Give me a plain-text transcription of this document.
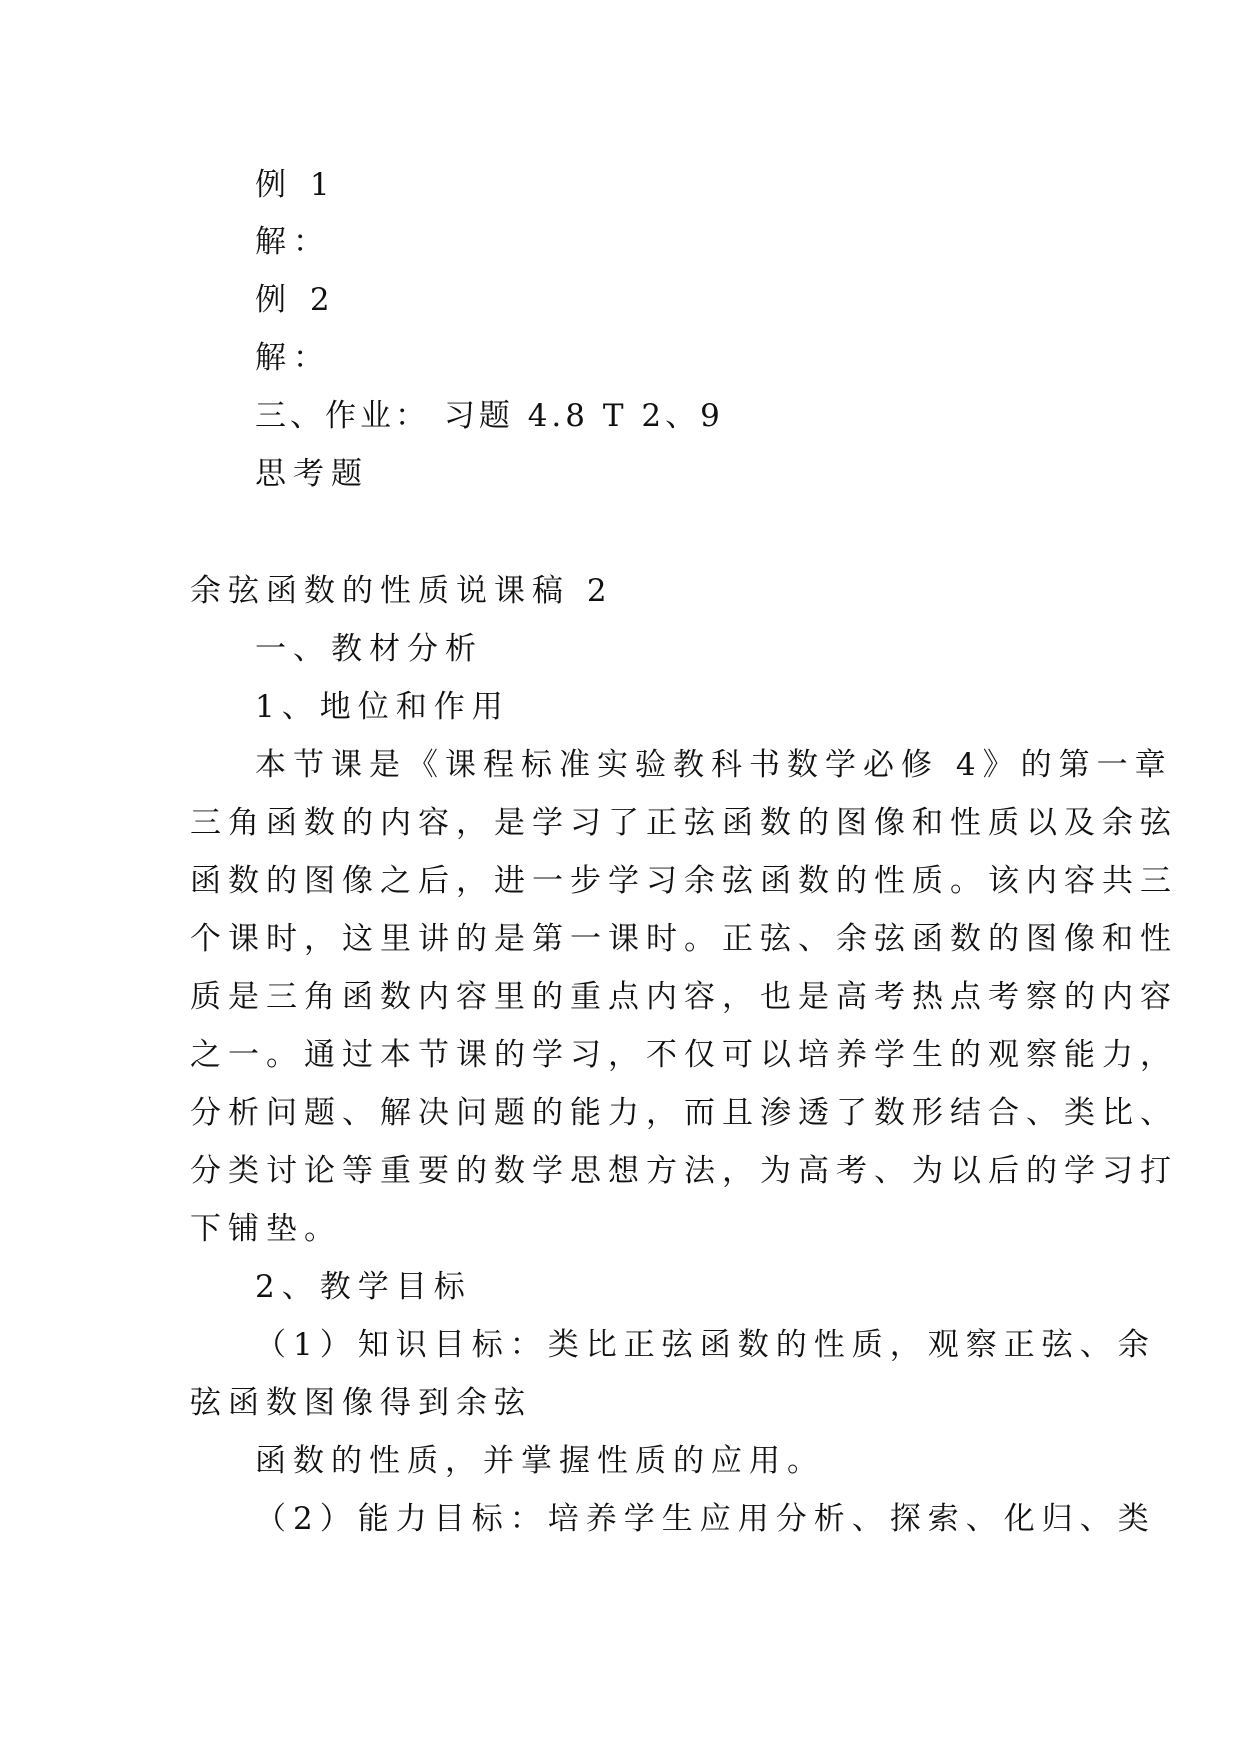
例 1
解：
例 2
解：
三、作业： 习题 4.8 T 2、9
思考题
余弦函数的性质说课稿 2
一、教材分析
1、地位和作用
本节课是《课程标准实验教科书数学必修 4》的第一章
三角函数的内容，是学习了正弦函数的图像和性质以及余弦
函数的图像之后，进一步学习余弦函数的性质。该内容共三
个课时，这里讲的是第一课时。正弦、余弦函数的图像和性
质是三角函数内容里的重点内容，也是高考热点考察的内容
之一。通过本节课的学习，不仅可以培养学生的观察能力，
分析问题、解决问题的能力，而且渗透了数形结合、类比、
分类讨论等重要的数学思想方法，为高考、为以后的学习打
下铺垫。
2、教学目标
（1）知识目标：类比正弦函数的性质，观察正弦、余
弦函数图像得到余弦
函数的性质，并掌握性质的应用。
（2）能力目标：培养学生应用分析、探索、化归、类
